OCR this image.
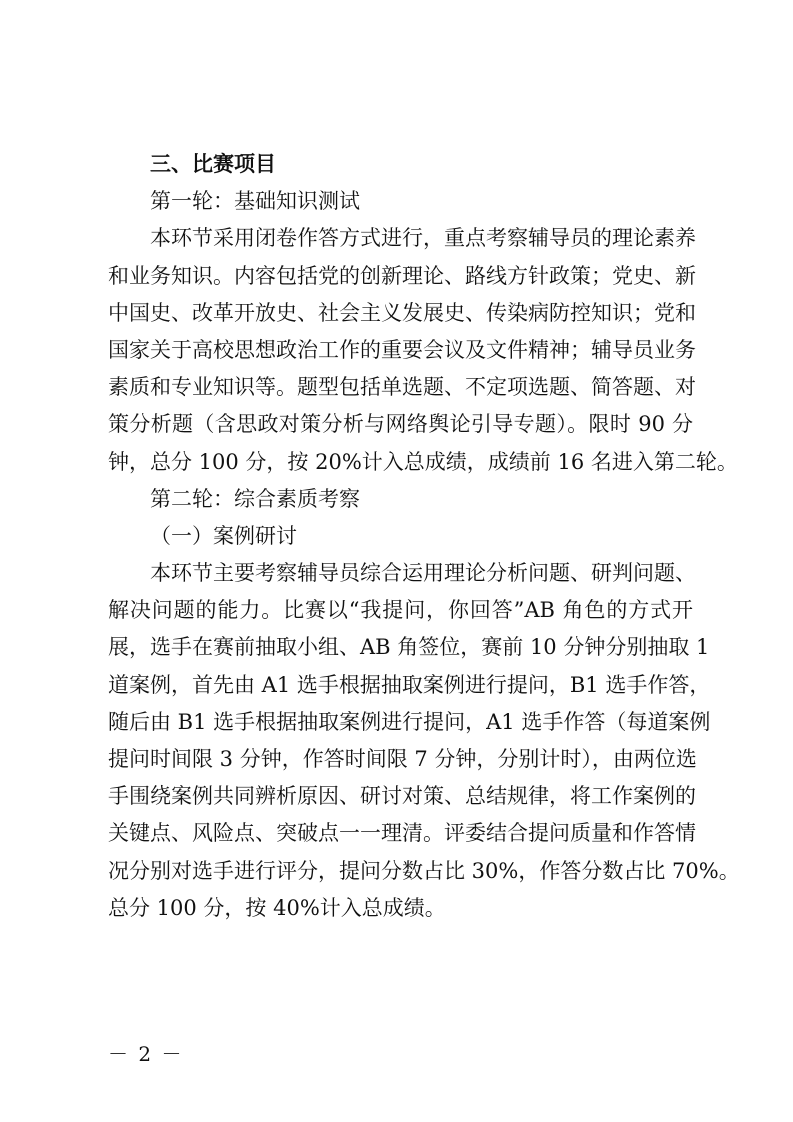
三、比赛项目
第一轮：基础知识测试
本环节采用闭卷作答方式进行，重点考察辅导员的理论素养
和业务知识。内容包括党的创新理论、路线方针政策；党史、新
中国史、改革开放史、社会主义发展史、传染病防控知识；党和
国家关于高校思想政治工作的重要会议及文件精神；辅导员业务
素质和专业知识等。题型包括单选题、不定项选题、简答题、对
策分析题（含思政对策分析与网络舆论引导专题）。限时 90 分
钟，总分 100 分，按 20%计入总成绩，成绩前 16 名进入第二轮。
第二轮：综合素质考察
（一）案例研讨
本环节主要考察辅导员综合运用理论分析问题、研判问题、
解决问题的能力。比赛以“我提问，你回答”AB 角色的方式开
展，选手在赛前抽取小组、AB 角签位，赛前 10 分钟分别抽取 1
道案例，首先由 A1 选手根据抽取案例进行提问，B1 选手作答，
随后由 B1 选手根据抽取案例进行提问，A1 选手作答（每道案例
提问时间限 3 分钟，作答时间限 7 分钟，分别计时），由两位选
手围绕案例共同辨析原因、研讨对策、总结规律，将工作案例的
关键点、风险点、突破点一一理清。评委结合提问质量和作答情
况分别对选手进行评分，提问分数占比 30%，作答分数占比 70%。
总分 100 分，按 40%计入总成绩。
－ 2 －
